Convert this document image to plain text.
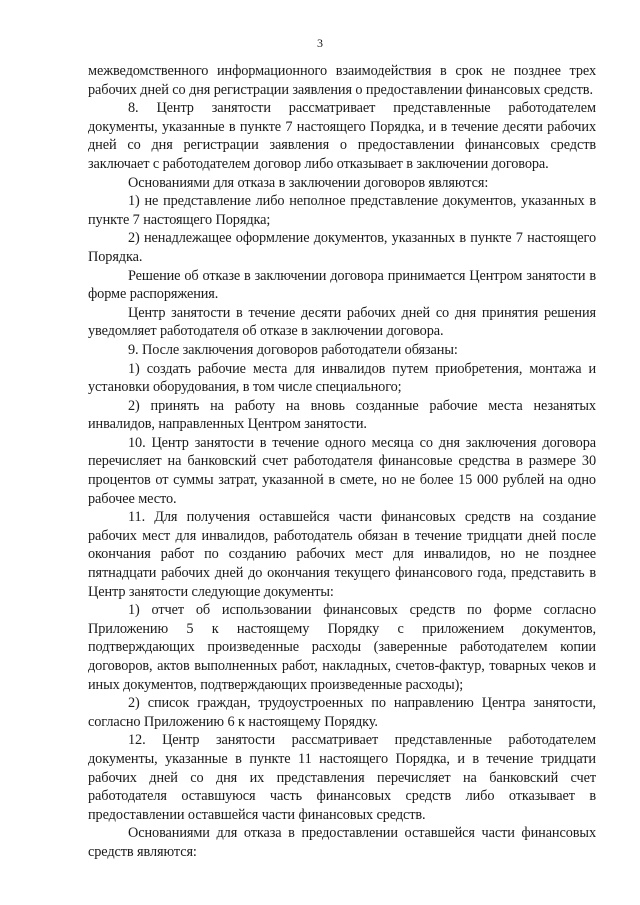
3

межведомственного информационного взаимодействия в срок не позднее трех рабочих дней со дня регистрации заявления о предоставлении финансовых средств.

8. Центр занятости рассматривает представленные работодателем документы, указанные в пункте 7 настоящего Порядка, и в течение десяти рабочих дней со дня регистрации заявления о предоставлении финансовых средств заключает с работодателем договор либо отказывает в заключении договора.

Основаниями для отказа в заключении договоров являются:

1) не представление либо неполное представление документов, указанных в пункте 7 настоящего Порядка;

2) ненадлежащее оформление документов, указанных в пункте 7 настоящего Порядка.

Решение об отказе в заключении договора принимается Центром занятости в форме распоряжения.

Центр занятости в течение десяти рабочих дней со дня принятия решения уведомляет работодателя об отказе в заключении договора.

9. После заключения договоров работодатели обязаны:

1) создать рабочие места для инвалидов путем приобретения, монтажа и установки оборудования, в том числе специального;

2) принять на работу на вновь созданные рабочие места незанятых инвалидов, направленных Центром занятости.

10. Центр занятости в течение одного месяца со дня заключения договора перечисляет на банковский счет работодателя финансовые средства в размере 30 процентов от суммы затрат, указанной в смете, но не более 15 000 рублей на одно рабочее место.

11. Для получения оставшейся части финансовых средств на создание рабочих мест для инвалидов, работодатель обязан в течение тридцати дней после окончания работ по созданию рабочих мест для инвалидов, но не позднее пятнадцати рабочих дней до окончания текущего финансового года, представить в Центр занятости следующие документы:

1) отчет об использовании финансовых средств по форме согласно Приложению 5 к настоящему Порядку с приложением документов, подтверждающих произведенные расходы (заверенные работодателем копии договоров, актов выполненных работ, накладных, счетов-фактур, товарных чеков и иных документов, подтверждающих произведенные расходы);

2) список граждан, трудоустроенных по направлению Центра занятости, согласно Приложению 6 к настоящему Порядку.

12. Центр занятости рассматривает представленные работодателем документы, указанные в пункте 11 настоящего Порядка, и в течение тридцати рабочих дней со дня их представления перечисляет на банковский счет работодателя оставшуюся часть финансовых средств либо отказывает в предоставлении оставшейся части финансовых средств.

Основаниями для отказа в предоставлении оставшейся части финансовых средств являются:
